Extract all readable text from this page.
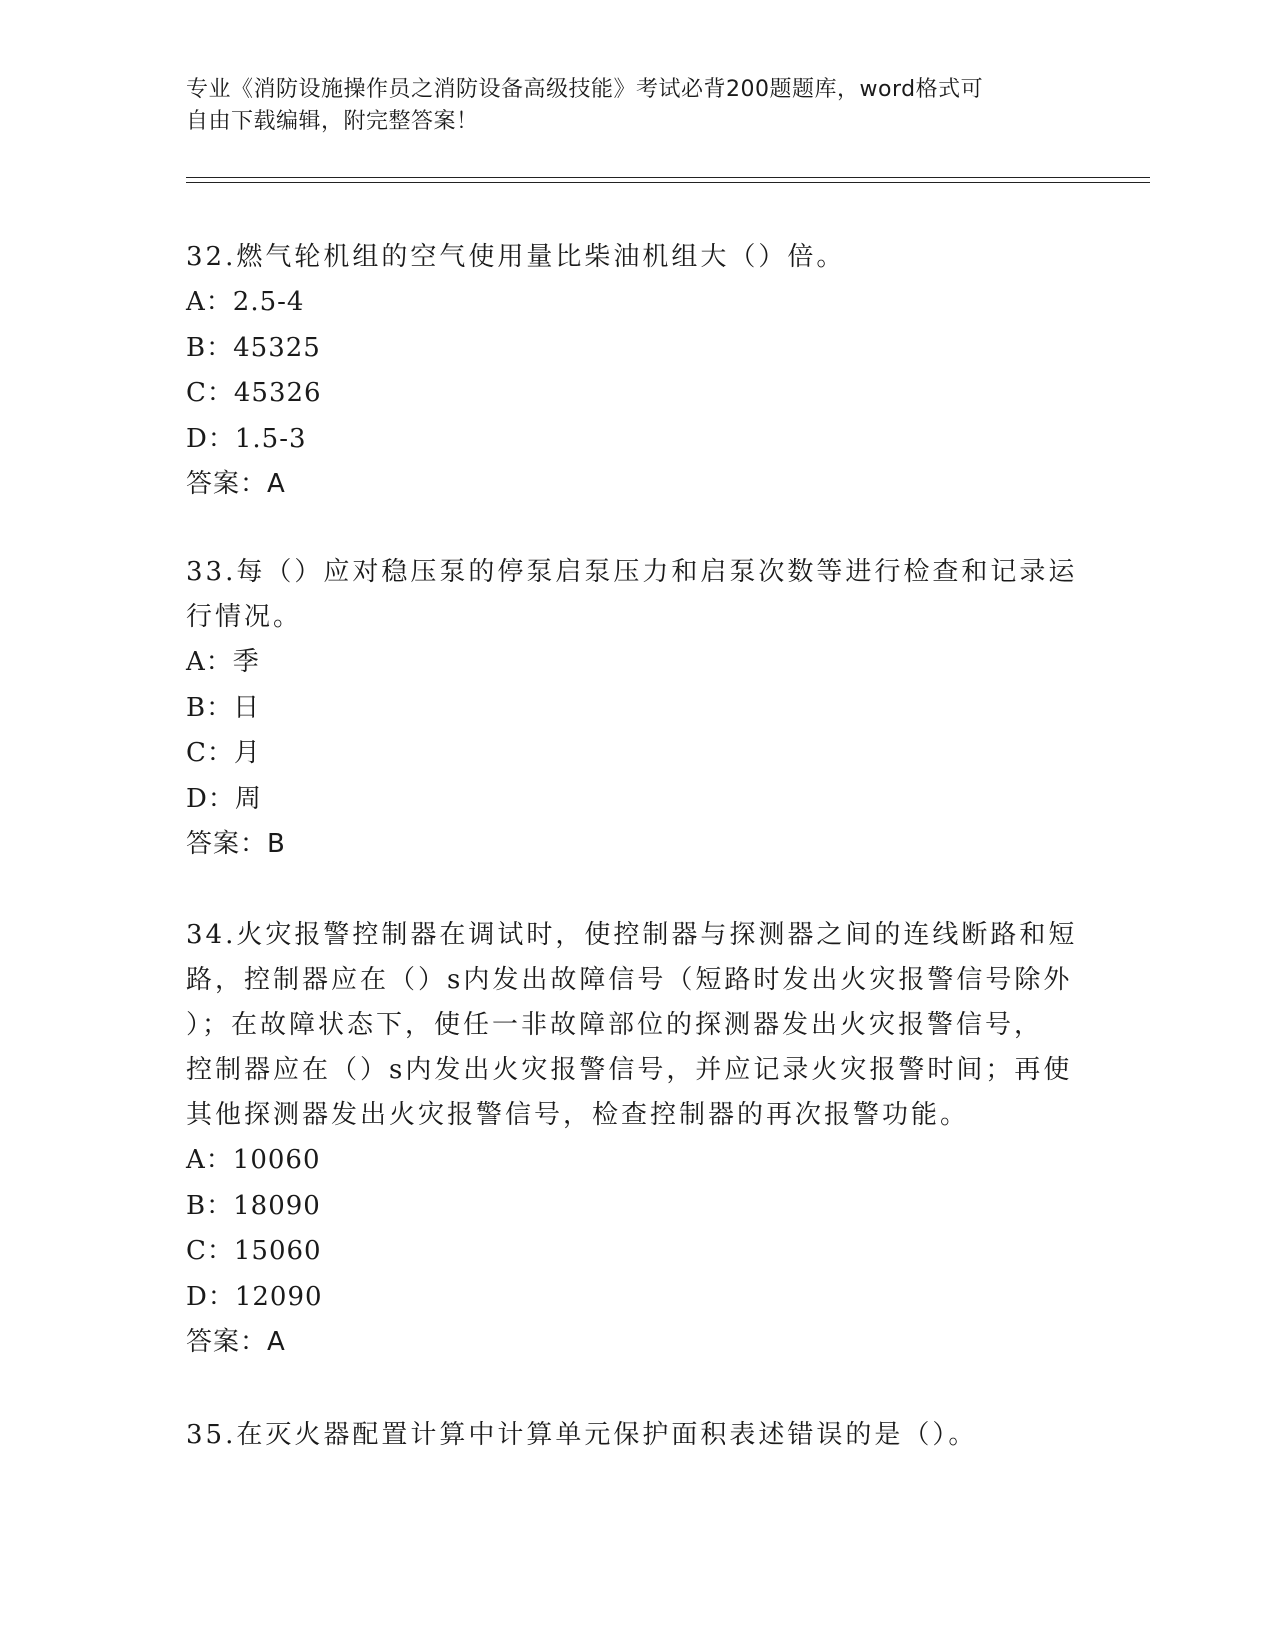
专业《消防设施操作员之消防设备高级技能》考试必背200题题库，word格式可

自由下载编辑，附完整答案！

32.燃气轮机组的空气使用量比柴油机组大（）倍。

A：2.5-4
B：45325
C：45326
D：1.5-3

答案：A

33.每（）应对稳压泵的停泵启泵压力和启泵次数等进行检查和记录运
行情况。

A：季
B：日
C：月
D：周

答案：B

34.火灾报警控制器在调试时，使控制器与探测器之间的连线断路和短
路，控制器应在（）s内发出故障信号（短路时发出火灾报警信号除外
）；在故障状态下，使任一非故障部位的探测器发出火灾报警信号，
控制器应在（）s内发出火灾报警信号，并应记录火灾报警时间；再使
其他探测器发出火灾报警信号，检查控制器的再次报警功能。

A：10060
B：18090
C：15060
D：12090

答案：A

35.在灭火器配置计算中计算单元保护面积表述错误的是（）。
